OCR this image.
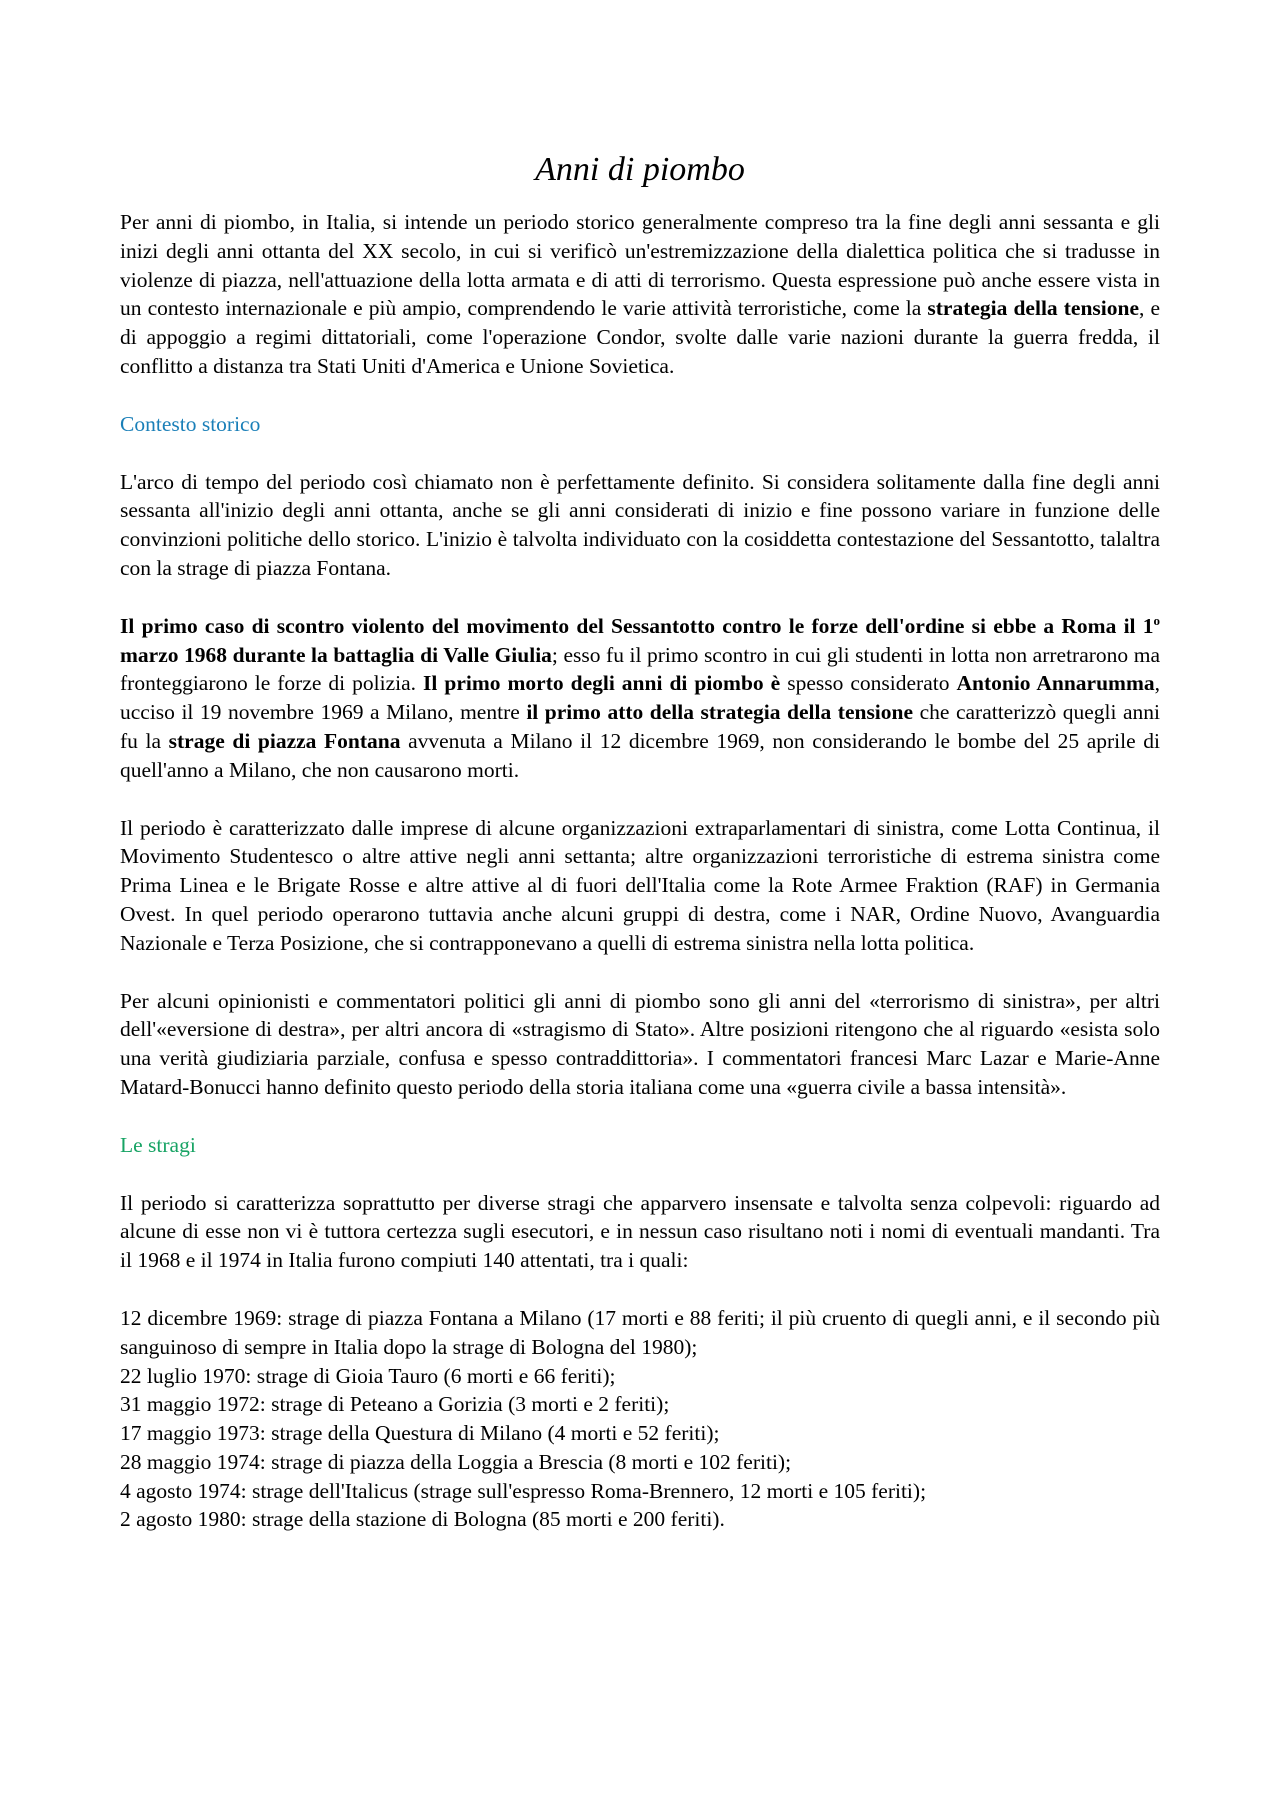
Anni di piombo

Per anni di piombo, in Italia, si intende un periodo storico generalmente compreso tra la fine degli anni sessanta e gli inizi degli anni ottanta del XX secolo, in cui si verificò un'estremizzazione della dialettica politica che si tradusse in violenze di piazza, nell'attuazione della lotta armata e di atti di terrorismo. Questa espressione può anche essere vista in un contesto internazionale e più ampio, comprendendo le varie attività terroristiche, come la strategia della tensione, e di appoggio a regimi dittatoriali, come l'operazione Condor, svolte dalle varie nazioni durante la guerra fredda, il conflitto a distanza tra Stati Uniti d'America e Unione Sovietica.

Contesto storico

L'arco di tempo del periodo così chiamato non è perfettamente definito. Si considera solitamente dalla fine degli anni sessanta all'inizio degli anni ottanta, anche se gli anni considerati di inizio e fine possono variare in funzione delle convinzioni politiche dello storico. L'inizio è talvolta individuato con la cosiddetta contestazione del Sessantotto, talaltra con la strage di piazza Fontana.

Il primo caso di scontro violento del movimento del Sessantotto contro le forze dell'ordine si ebbe a Roma il 1$^o$ marzo 1968 durante la battaglia di Valle Giulia; esso fu il primo scontro in cui gli studenti in lotta non arretrarono ma fronteggiarono le forze di polizia. Il primo morto degli anni di piombo è spesso considerato Antonio Annarumma, ucciso il 19 novembre 1969 a Milano, mentre il primo atto della strategia della tensione che caratterizzò quegli anni fu la strage di piazza Fontana avvenuta a Milano il 12 dicembre 1969, non considerando le bombe del 25 aprile di quell'anno a Milano, che non causarono morti.

Il periodo è caratterizzato dalle imprese di alcune organizzazioni extraparlamentari di sinistra, come Lotta Continua, il Movimento Studentesco o altre attive negli anni settanta; altre organizzazioni terroristiche di estrema sinistra come Prima Linea e le Brigate Rosse e altre attive al di fuori dell'Italia come la Rote Armee Fraktion (RAF) in Germania Ovest. In quel periodo operarono tuttavia anche alcuni gruppi di destra, come i NAR, Ordine Nuovo, Avanguardia Nazionale e Terza Posizione, che si contrapponevano a quelli di estrema sinistra nella lotta politica.

Per alcuni opinionisti e commentatori politici gli anni di piombo sono gli anni del «terrorismo di sinistra», per altri dell'«eversione di destra», per altri ancora di «stragismo di Stato». Altre posizioni ritengono che al riguardo «esista solo una verità giudiziaria parziale, confusa e spesso contraddittoria». I commentatori francesi Marc Lazar e Marie-Anne Matard-Bonucci hanno definito questo periodo della storia italiana come una «guerra civile a bassa intensità».

Le stragi

Il periodo si caratterizza soprattutto per diverse stragi che apparvero insensate e talvolta senza colpevoli: riguardo ad alcune di esse non vi è tuttora certezza sugli esecutori, e in nessun caso risultano noti i nomi di eventuali mandanti. Tra il 1968 e il 1974 in Italia furono compiuti 140 attentati, tra i quali:

12 dicembre 1969: strage di piazza Fontana a Milano (17 morti e 88 feriti; il più cruento di quegli anni, e il secondo più sanguinoso di sempre in Italia dopo la strage di Bologna del 1980);

22 luglio 1970: strage di Gioia Tauro (6 morti e 66 feriti);

31 maggio 1972: strage di Peteano a Gorizia (3 morti e 2 feriti);

17 maggio 1973: strage della Questura di Milano (4 morti e 52 feriti);

28 maggio 1974: strage di piazza della Loggia a Brescia (8 morti e 102 feriti);

4 agosto 1974: strage dell'Italicus (strage sull'espresso Roma-Brennero, 12 morti e 105 feriti);

2 agosto 1980: strage della stazione di Bologna (85 morti e 200 feriti).
